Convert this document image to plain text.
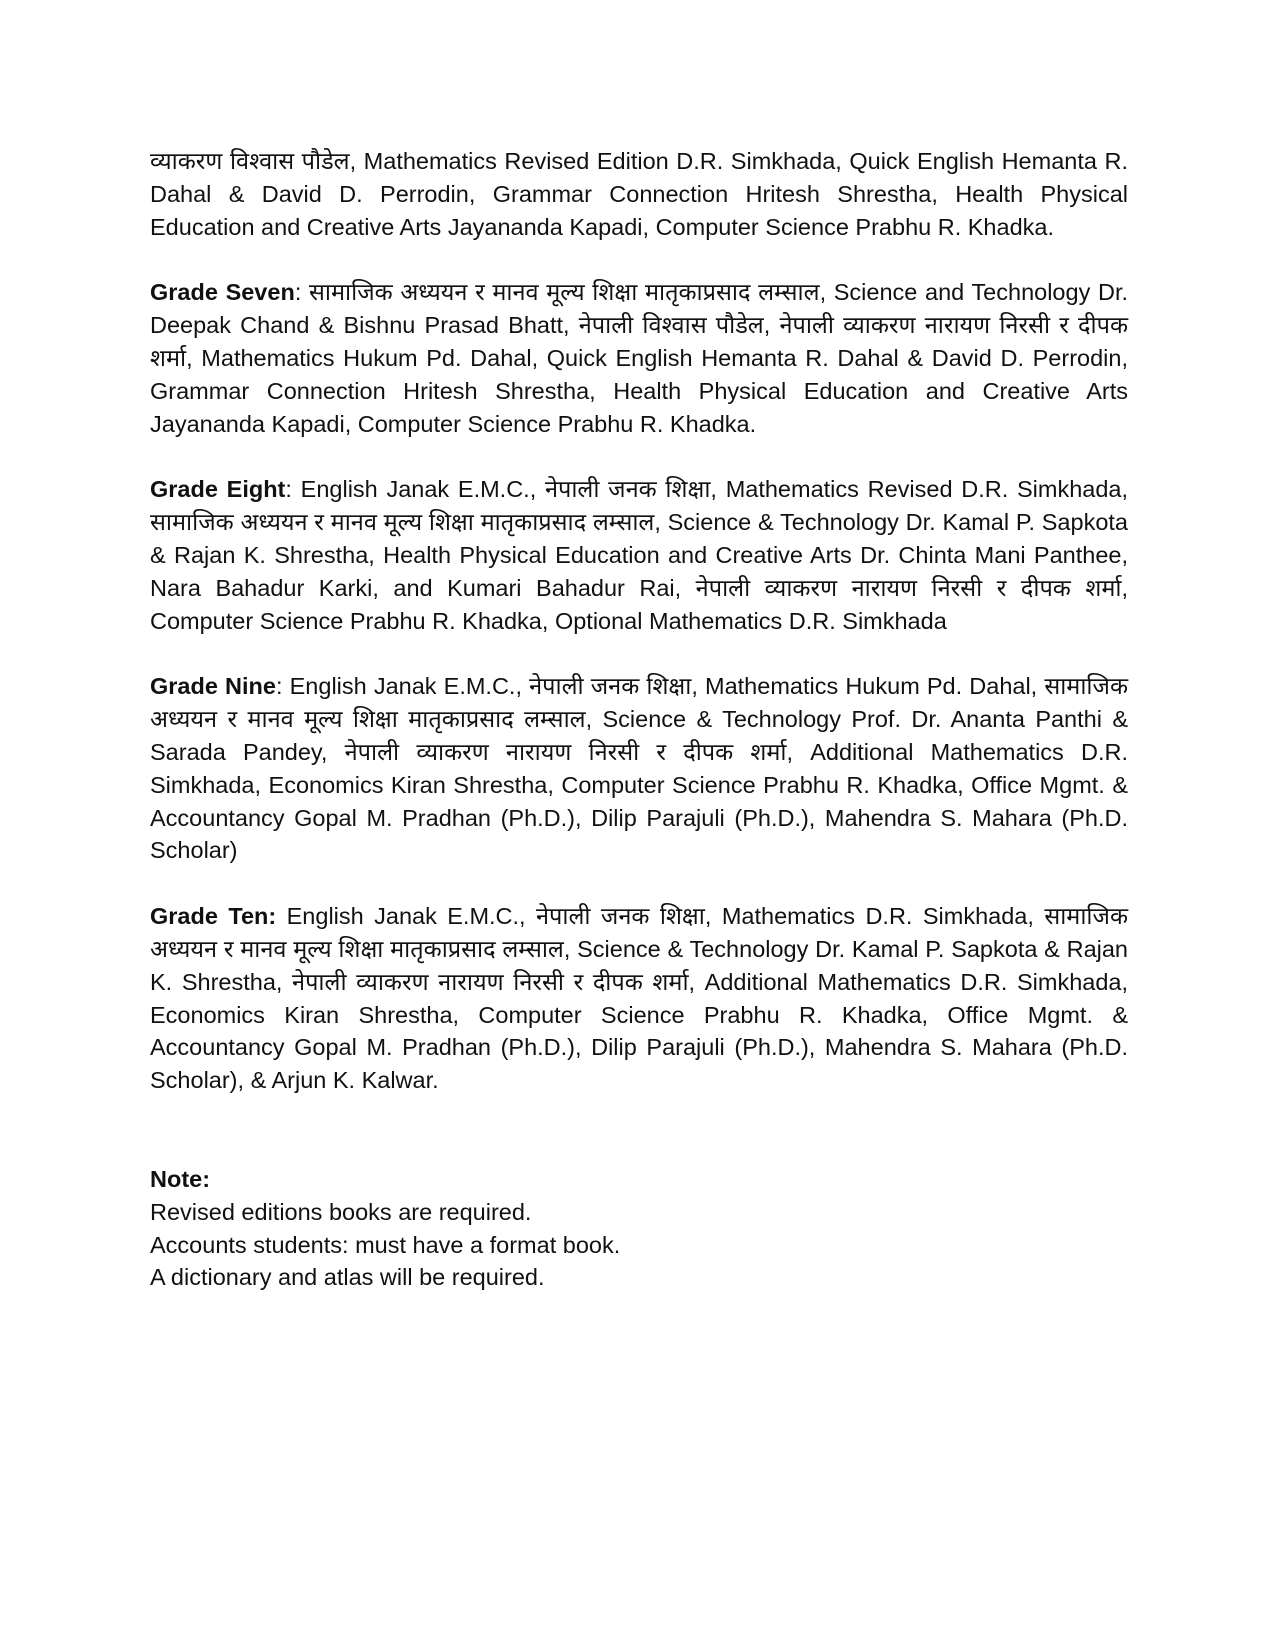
व्याकरण विश्वास पौडेल, Mathematics Revised Edition D.R. Simkhada, Quick English Hemanta R. Dahal & David D. Perrodin, Grammar Connection Hritesh Shrestha, Health Physical Education and Creative Arts Jayananda Kapadi, Computer Science Prabhu R. Khadka.

Grade Seven: सामाजिक अध्ययन र मानव मूल्य शिक्षा मातृकाप्रसाद लम्साल, Science and Technology Dr. Deepak Chand & Bishnu Prasad Bhatt, नेपाली विश्वास पौडेल, नेपाली व्याकरण नारायण निरसी र दीपक शर्मा, Mathematics Hukum Pd. Dahal, Quick English Hemanta R. Dahal & David D. Perrodin, Grammar Connection Hritesh Shrestha, Health Physical Education and Creative Arts Jayananda Kapadi, Computer Science Prabhu R. Khadka.

Grade Eight: English Janak E.M.C., नेपाली जनक शिक्षा, Mathematics Revised D.R. Simkhada, सामाजिक अध्ययन र मानव मूल्य शिक्षा मातृकाप्रसाद लम्साल, Science & Technology Dr. Kamal P. Sapkota & Rajan K. Shrestha, Health Physical Education and Creative Arts Dr. Chinta Mani Panthee, Nara Bahadur Karki, and Kumari Bahadur Rai, नेपाली व्याकरण नारायण निरसी र दीपक शर्मा, Computer Science Prabhu R. Khadka, Optional Mathematics D.R. Simkhada

Grade Nine: English Janak E.M.C., नेपाली जनक शिक्षा, Mathematics Hukum Pd. Dahal, सामाजिक अध्ययन र मानव मूल्य शिक्षा मातृकाप्रसाद लम्साल, Science & Technology Prof. Dr. Ananta Panthi & Sarada Pandey, नेपाली व्याकरण नारायण निरसी र दीपक शर्मा, Additional Mathematics D.R. Simkhada, Economics Kiran Shrestha, Computer Science Prabhu R. Khadka, Office Mgmt. & Accountancy Gopal M. Pradhan (Ph.D.), Dilip Parajuli (Ph.D.), Mahendra S. Mahara (Ph.D. Scholar)

Grade Ten: English Janak E.M.C., नेपाली जनक शिक्षा, Mathematics D.R. Simkhada, सामाजिक अध्ययन र मानव मूल्य शिक्षा मातृकाप्रसाद लम्साल, Science & Technology Dr. Kamal P. Sapkota & Rajan K. Shrestha, नेपाली व्याकरण नारायण निरसी र दीपक शर्मा, Additional Mathematics D.R. Simkhada, Economics Kiran Shrestha, Computer Science Prabhu R. Khadka, Office Mgmt. & Accountancy Gopal M. Pradhan (Ph.D.), Dilip Parajuli (Ph.D.), Mahendra S. Mahara (Ph.D. Scholar), & Arjun K. Kalwar.

Note:

Revised editions books are required.

Accounts students: must have a format book.

A dictionary and atlas will be required.
